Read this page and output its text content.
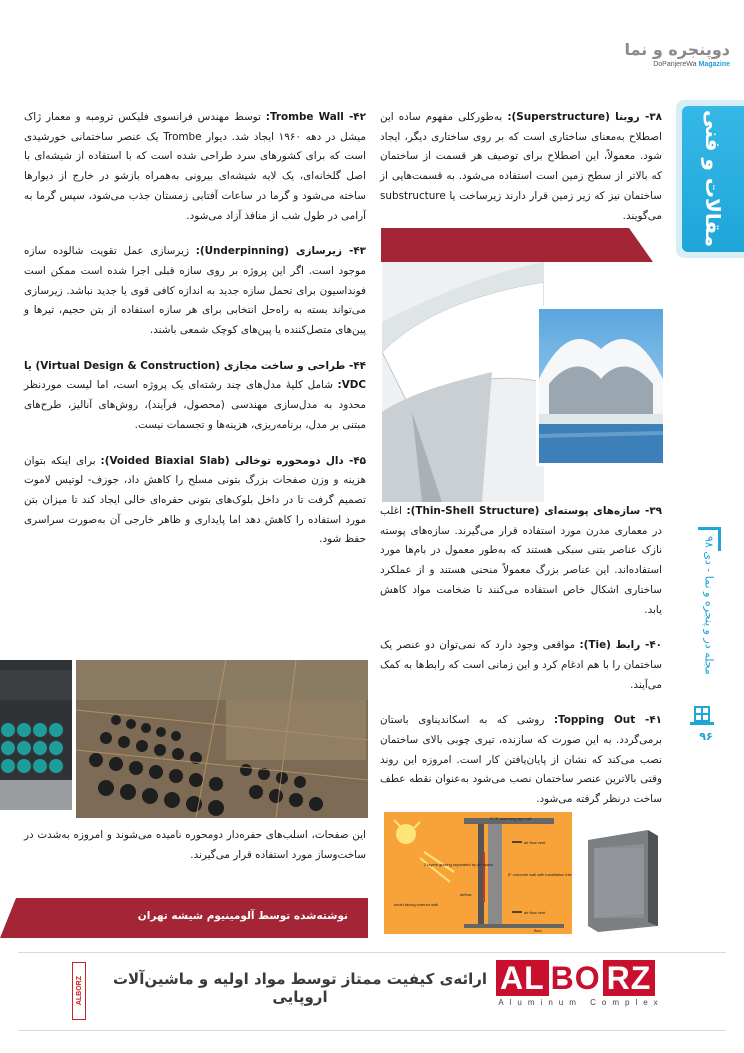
دوپنجره و نما
DoPanjereWa Magazine
مقالات و فنی
مجله در و پنجره و نما - دی ۹۸
۹۶

۳۸- روبنا (Superstructure): به‌طورکلی مفهوم ساده این اصطلاح به‌معنای ساختاری است که بر روی ساختاری دیگر، ایجاد شود. معمولاً، این اصطلاح برای توصیف هر قسمت از ساختمان که بالاتر از سطح زمین است استفاده می‌شود. به قسمت‌هایی از ساختمان نیز که زیر زمین قرار دارند زیرساخت یا substructure می‌گویند.

۳۹- سازه‌های پوسته‌ای (Thin-Shell Structure): اغلب در معماری مدرن مورد استفاده قرار می‌گیرند. سازه‌های پوسته نازک عناصر بتنی سبکی هستند که به‌طور معمول در بام‌ها مورد استفاده‌اند. این عناصر بزرگ معمولاً منحنی هستند و از عملکرد ساختاری اشکال خاص استفاده می‌کنند تا ضخامت مواد کاهش یابد.

۴۰- رابط (Tie): مواقعی وجود دارد که نمی‌توان دو عنصر یک ساختمان را با هم ادغام کرد و این زمانی است که رابط‌ها به کمک می‌آیند.

۴۱- Topping Out: روشی که به اسکاندیناوی باستان برمی‌گردد. به این صورت که سازنده، تیری چوبی بالای ساختمان نصب می‌کند که نشان از پایان‌یافتن کار است. امروزه این روند وقتی بالاترین عنصر ساختمان نصب می‌شود به‌عنوان نقطه عطف ساخت درنظر گرفته می‌شود.

2"-3" overhang ayr roof
air flow vent
air flow vent
2 layers glazing separated by air space
8" concrete wall with installation interior
airflow
south facing exterior wall
floor

۴۲- Trombe Wall: توسط مهندس فرانسوی فلیکس ترومبه و معمار ژاک میشل در دهه ۱۹۶۰ ایجاد شد. دیوار Trombe یک عنصر ساختمانی خورشیدی است که برای کشورهای سرد طراحی شده است که با استفاده از شیشه‌ای با اصل گلخانه‌ای، یک لایه شیشه‌ای بیرونی به‌همراه بازشو در خارج از دیوارها ساخته می‌شود و گرما در ساعات آفتابی زمستان جذب می‌شود، سپس گرما به آرامی در طول شب از منافذ آزاد می‌شود.

۴۳- زیرسازی (Underpinning): زیرسازی عمل تقویت شالوده سازه موجود است. اگر این پروژه بر روی سازه قبلی اجرا شده است ممکن است فونداسیون برای تحمل سازه جدید به اندازه کافی قوی یا جدید نباشد. زیرسازی می‌تواند بسته به راه‌حل انتخابی برای هر سازه استفاده از بتن حجیم، تیرها و پین‌های متصل‌کننده یا پین‌های کوچک شمعی باشند.

۴۴- طراحی و ساخت مجازی (Virtual Design & Construction) یا VDC: شامل کلیهٔ مدل‌های چند رشته‌ای یک پروژه است، اما لیست موردنظر محدود به مدل‌سازی مهندسی (محصول، فرآیند)، روش‌های آنالیز، طرح‌های مبتنی بر مدل، برنامه‌ریزی، هزینه‌ها و تجسمات نیست.

۴۵- دال دومحوره توخالی (Voided Biaxial Slab): برای اینکه بتوان هزینه و وزن صفحات بزرگ بتونی مسلح را کاهش داد، جوزف- لوتیس لاموت تصمیم گرفت تا در داخل بلوک‌های بتونی حفره‌ای خالی ایجاد کند تا میزان بتن مورد استفاده را کاهش دهد اما پایداری و ظاهر خارجی آن به‌صورت سراسری حفظ شود.

این صفحات، اسلب‌های حفره‌دار دومحوره نامیده می‌شوند و امروزه به‌شدت در ساخت‌وساز مورد استفاده قرار می‌گیرند.
نوشته‌شده توسط آلومینیوم شیشه تهران
ALBORZ ارائه‌ی کیفیت ممتاز توسط مواد اولیه و ماشین‌آلات اروپایی
AL BO RZ
Aluminum Complex
